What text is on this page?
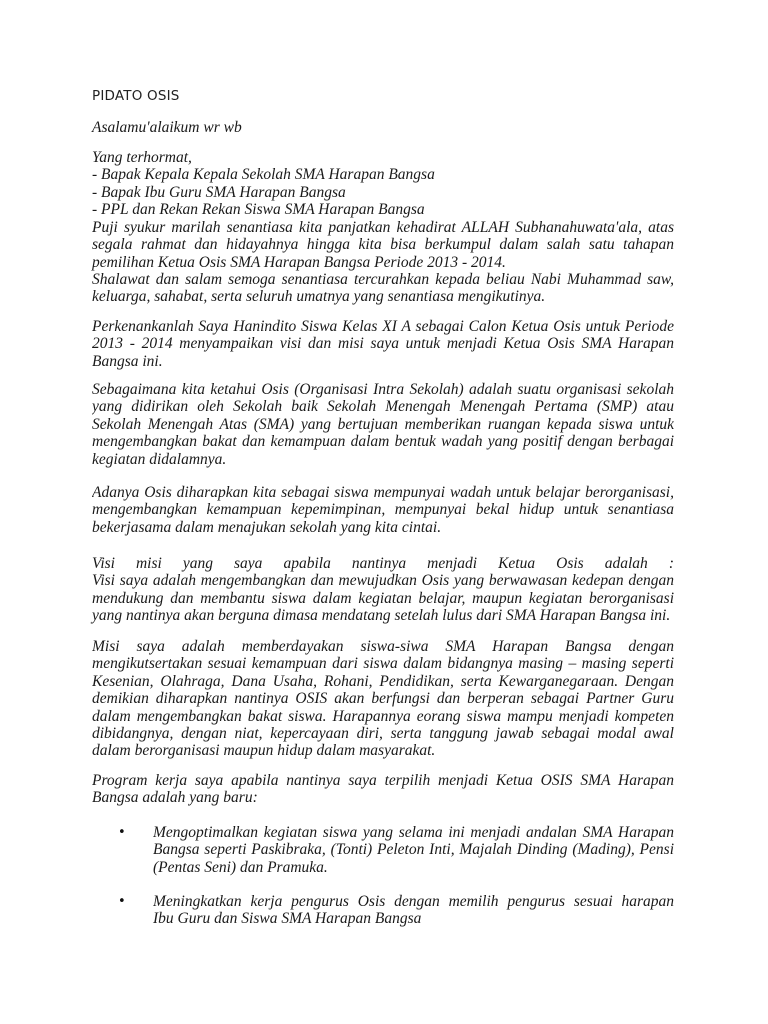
PIDATO OSIS
Asalamu'alaikum wr wb
Yang terhormat,
- Bapak Kepala Kepala Sekolah SMA Harapan Bangsa
- Bapak Ibu Guru SMA Harapan Bangsa
- PPL dan Rekan Rekan Siswa SMA Harapan Bangsa
Puji syukur marilah senantiasa kita panjatkan kehadirat ALLAH Subhanahuwata'ala, atas
segala rahmat dan hidayahnya hingga kita bisa berkumpul dalam salah satu tahapan
pemilihan Ketua Osis SMA Harapan Bangsa Periode 2013 - 2014.
Shalawat dan salam semoga senantiasa tercurahkan kepada beliau Nabi Muhammad saw,
keluarga, sahabat, serta seluruh umatnya yang senantiasa mengikutinya.
Perkenankanlah Saya Hanindito Siswa Kelas XI A sebagai Calon Ketua Osis untuk Periode
2013 - 2014 menyampaikan visi dan misi saya untuk menjadi Ketua Osis SMA Harapan
Bangsa ini.
Sebagaimana kita ketahui Osis (Organisasi Intra Sekolah) adalah suatu organisasi sekolah
yang didirikan oleh Sekolah baik Sekolah Menengah Menengah Pertama (SMP) atau
Sekolah Menengah Atas (SMA) yang bertujuan memberikan ruangan kepada siswa untuk
mengembangkan bakat dan kemampuan dalam bentuk wadah yang positif dengan berbagai
kegiatan didalamnya.
Adanya Osis diharapkan kita sebagai siswa mempunyai wadah untuk belajar berorganisasi,
mengembangkan kemampuan kepemimpinan, mempunyai bekal hidup untuk senantiasa
bekerjasama dalam menajukan sekolah yang kita cintai.
Visi misi yang saya apabila nantinya menjadi Ketua Osis adalah :
Visi saya adalah mengembangkan dan mewujudkan Osis yang berwawasan kedepan dengan
mendukung dan membantu siswa dalam kegiatan belajar, maupun kegiatan berorganisasi
yang nantinya akan berguna dimasa mendatang setelah lulus dari SMA Harapan Bangsa ini.
Misi saya adalah memberdayakan siswa-siwa SMA Harapan Bangsa dengan
mengikutsertakan sesuai kemampuan dari siswa dalam bidangnya masing – masing seperti
Kesenian, Olahraga, Dana Usaha, Rohani, Pendidikan, serta Kewarganegaraan. Dengan
demikian diharapkan nantinya OSIS akan berfungsi dan berperan sebagai Partner Guru
dalam mengembangkan bakat siswa. Harapannya eorang siswa mampu menjadi kompeten
dibidangnya, dengan niat, kepercayaan diri, serta tanggung jawab sebagai modal awal
dalam berorganisasi maupun hidup dalam masyarakat.
Program kerja saya apabila nantinya saya terpilih menjadi Ketua OSIS SMA Harapan
Bangsa adalah yang baru:
• Mengoptimalkan kegiatan siswa yang selama ini menjadi andalan SMA Harapan
Bangsa seperti Paskibraka, (Tonti) Peleton Inti, Majalah Dinding (Mading), Pensi
(Pentas Seni) dan Pramuka.
• Meningkatkan kerja pengurus Osis dengan memilih pengurus sesuai harapan
Ibu Guru dan Siswa SMA Harapan Bangsa
